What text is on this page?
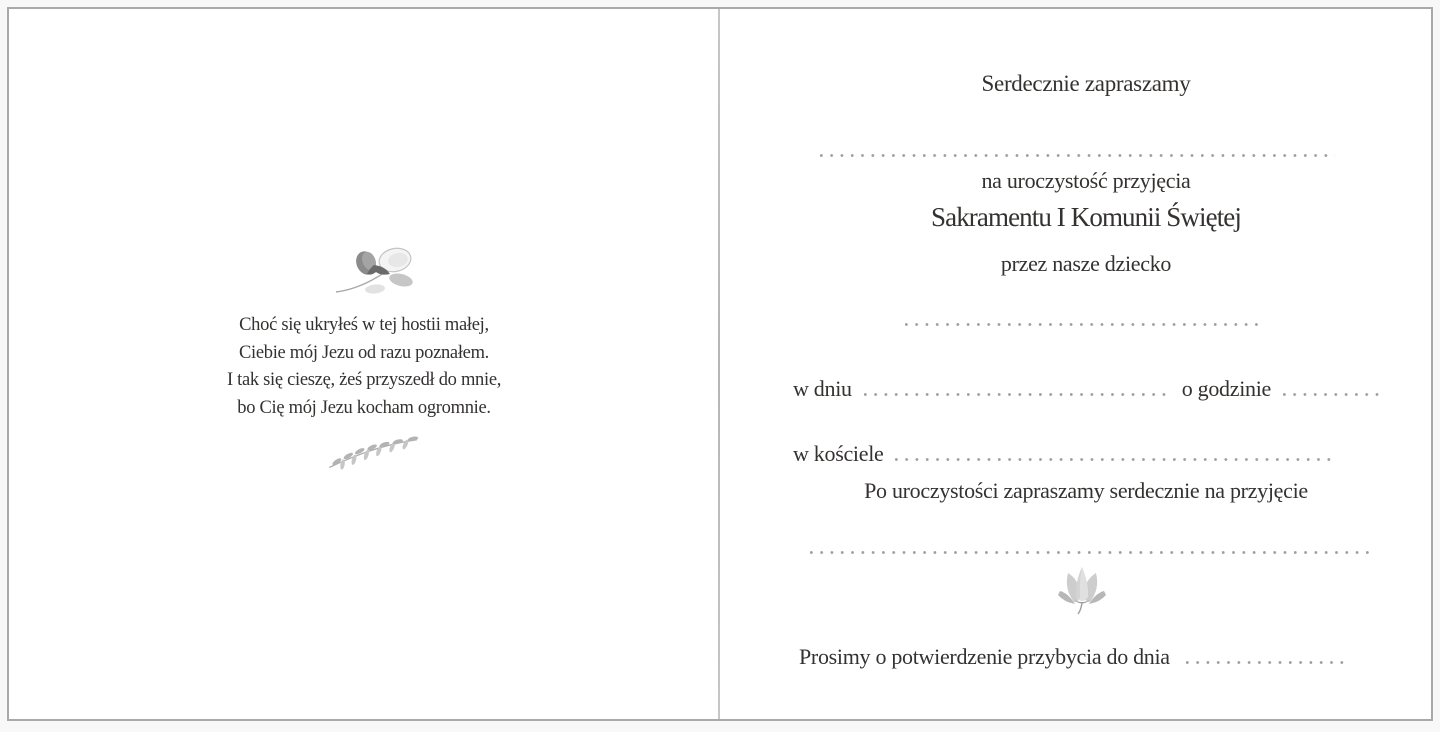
Choć się ukryłeś w tej hostii małej,
Ciebie mój Jezu od razu poznałem.
I tak się cieszę, żeś przyszedł do mnie,
bo Cię mój Jezu kocham ogromnie.
Serdecznie zapraszamy
na uroczystość przyjęcia
Sakramentu I Komunii Świętej
przez nasze dziecko
w dniu	o godzinie
w kościele
Po uroczystości zapraszamy serdecznie na przyjęcie
Prosimy o potwierdzenie przybycia do dnia
